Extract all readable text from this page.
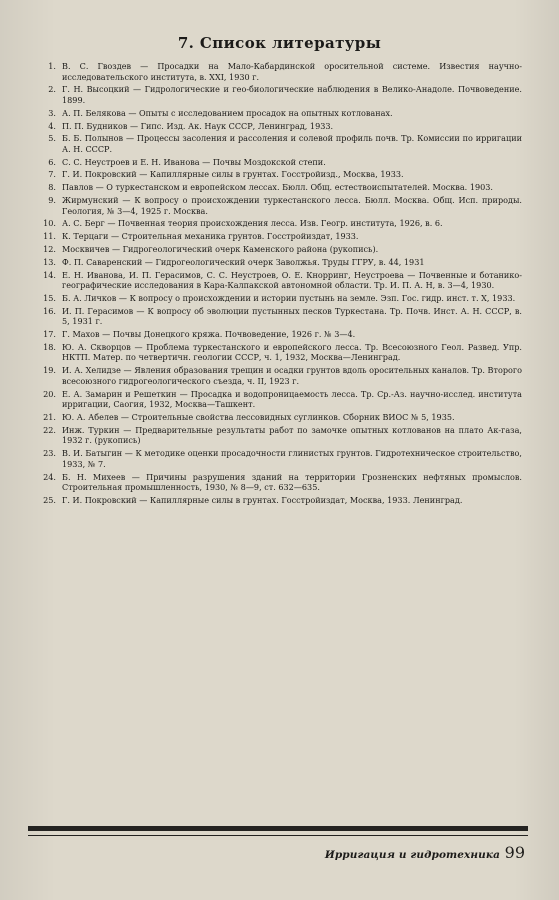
7. Список литературы
1. В. С. Гвоздев — Просадки на Мало-Кабардинской оросительной системе. Известия научно-исследовательского института, в. XXI, 1930 г.
2. Г. Н. Высоцкий — Гидрологические и гео-биологические наблюдения в Велико-Анадоле. Почвоведение. 1899.
3. А. П. Белякова — Опыты с исследованием просадок на опытных котлованах.
4. П. П. Будников — Гипс. Изд. Ак. Наук СССР, Ленинград, 1933.
5. Б. Б. Полынов — Процессы засоления и рассоления и солевой профиль почв. Тр. Комиссии по ирригации А. Н. СССР.
6. С. С. Неустроев и Е. Н. Иванова — Почвы Моздокской степи.
7. Г. И. Покровский — Капиллярные силы в грунтах. Госстройизд., Москва, 1933.
8. Павлов — О туркестанском и европейском лессах. Бюлл. Общ. естествоиспытателей. Москва. 1903.
9. Жирмунский — К вопросу о происхождении туркестанского лесса. Бюлл. Москва. Общ. Исп. природы. Геология, № 3—4, 1925 г. Москва.
10. А. С. Берг — Почвенная теория происхождения лесса. Изв. Геогр. института, 1926, в. 6.
11. К. Терцаги — Строительная механика грунтов. Госстройиздат, 1933.
12. Москвичев — Гидрогеологический очерк Каменского района (рукопись).
13. Ф. П. Саваренский — Гидрогеологический очерк Заволжья. Труды ГГРУ, в. 44, 1931
14. Е. Н. Иванова, И. П. Герасимов, С. С. Неустроев, О. Е. Кнорринг, Неустроева — Почвенные и ботанико-географические исследования в Кара-Калпакской автономной области. Тр. И. П. А. Н, в. 3—4, 1930.
15. Б. А. Личков — К вопросу о происхождении и истории пустынь на земле. Эзп. Гос. гидр. инст. т. X, 1933.
16. И. П. Герасимов — К вопросу об эволюции пустынных песков Туркестана. Тр. Почв. Инст. А. Н. СССР, в. 5, 1931 г.
17. Г. Махов — Почвы Донецкого кряжа. Почвоведение, 1926 г. № 3—4.
18. Ю. А. Скворцов — Проблема туркестанского и европейского лесса. Тр. Всесоюзного Геол. Развед. Упр. НКТП. Матер. по четвертичн. геологии СССР, ч. 1, 1932, Москва—Ленинград.
19. И. А. Хелидзе — Явления образования трещин и осадки грунтов вдоль оросительных каналов. Тр. Второго всесоюзного гидрогеологического съезда, ч. II, 1923 г.
20. Е. А. Замарин и Решеткин — Просадка и водопроницаемость лесса. Тр. Ср.-Аз. научно-исслед. института ирригации, Саогия, 1932, Москва—Ташкент.
21. Ю. А. Абелев — Строительные свойства лессовидных суглинков. Сборник ВИОС № 5, 1935.
22. Инж. Туркин — Предварительные результаты работ по замочке опытных котлованов на плато Ак-газа, 1932 г. (рукопись)
23. В. И. Батыгин — К методике оценки просадочности глинистых грунтов. Гидротехническое строительство, 1933, № 7.
24. Б. Н. Михеев — Причины разрушения зданий на территории Грозненских нефтяных промыслов. Строительная промышленность, 1930, № 8—9, ст. 632—635.
25. Г. И. Покровский — Капиллярные силы в грунтах. Госстройиздат, Москва, 1933. Ленинград.
Ирригация и гидротехника 99
